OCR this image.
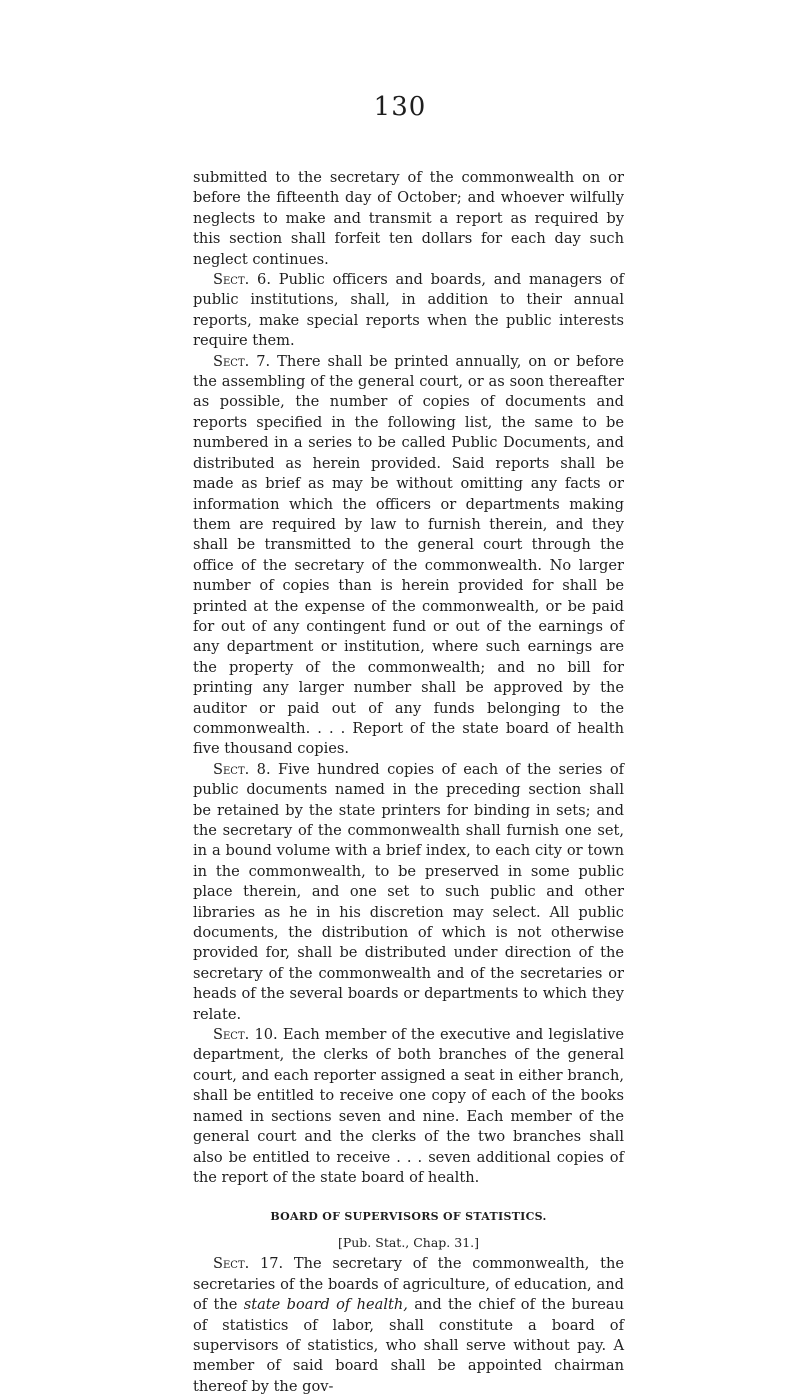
130

submitted to the secretary of the commonwealth on or before the fifteenth day of October; and whoever wilfully neglects to make and transmit a report as required by this section shall forfeit ten dollars for each day such neglect continues.

Sect. 6. Public officers and boards, and managers of public institutions, shall, in addition to their annual reports, make special reports when the public interests require them.

Sect. 7. There shall be printed annually, on or before the assembling of the general court, or as soon thereafter as possible, the number of copies of documents and reports specified in the following list, the same to be numbered in a series to be called Public Documents, and distributed as herein provided. Said reports shall be made as brief as may be without omitting any facts or information which the officers or departments making them are required by law to furnish therein, and they shall be transmitted to the general court through the office of the secretary of the commonwealth. No larger number of copies than is herein provided for shall be printed at the expense of the commonwealth, or be paid for out of any contingent fund or out of the earnings of any department or institution, where such earnings are the property of the commonwealth; and no bill for printing any larger number shall be approved by the auditor or paid out of any funds belonging to the commonwealth. . . . Report of the state board of health five thousand copies.

Sect. 8. Five hundred copies of each of the series of public documents named in the preceding section shall be retained by the state printers for binding in sets; and the secretary of the commonwealth shall furnish one set, in a bound volume with a brief index, to each city or town in the commonwealth, to be preserved in some public place therein, and one set to such public and other libraries as he in his discretion may select. All public documents, the distribution of which is not otherwise provided for, shall be distributed under direction of the secretary of the commonwealth and of the secretaries or heads of the several boards or departments to which they relate.

Sect. 10. Each member of the executive and legislative department, the clerks of both branches of the general court, and each reporter assigned a seat in either branch, shall be entitled to receive one copy of each of the books named in sections seven and nine. Each member of the general court and the clerks of the two branches shall also be entitled to receive . . . seven additional copies of the report of the state board of health.

BOARD OF SUPERVISORS OF STATISTICS.
[Pub. Stat., Chap. 31.]

Sect. 17. The secretary of the commonwealth, the secretaries of the boards of agriculture, of education, and of the state board of health, and the chief of the bureau of statistics of labor, shall constitute a board of supervisors of statistics, who shall serve without pay. A member of said board shall be appointed chairman thereof by the gov-
